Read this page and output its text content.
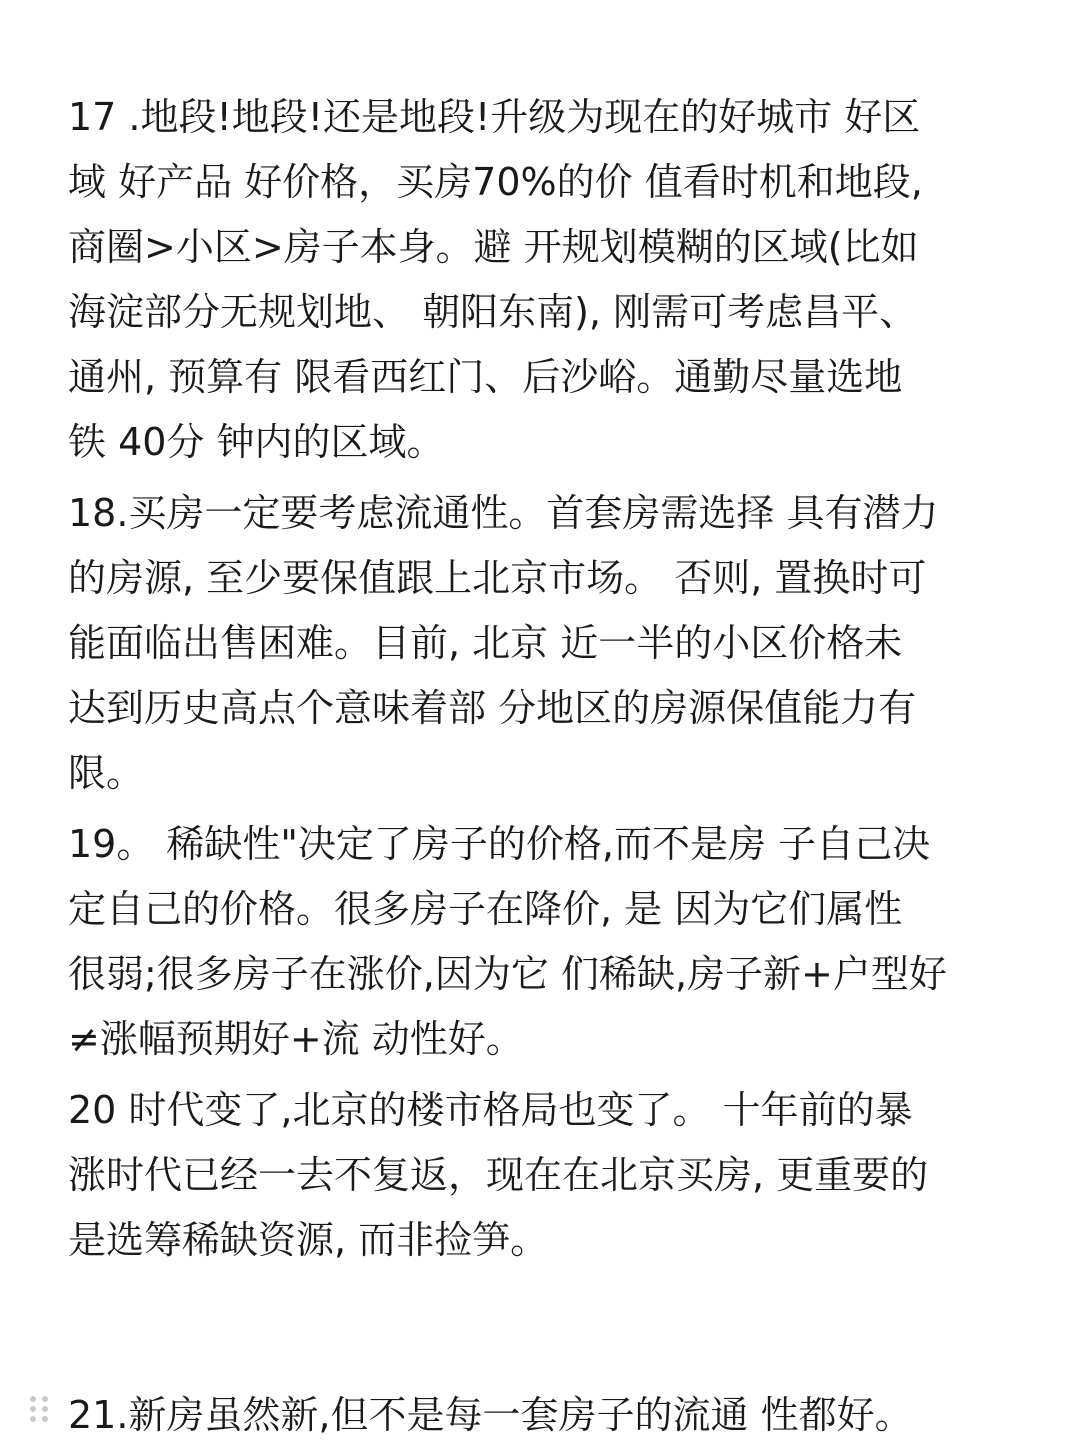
17 .地段!地段!还是地段!升级为现在的好城市 好区
域 好产品 好价格，买房70%的价 值看时机和地段,
商圈>小区>房子本身。避 开规划模糊的区域(比如
海淀部分无规划地、 朝阳东南), 刚需可考虑昌平、
通州, 预算有 限看西红门、后沙峪。通勤尽量选地
铁 40分 钟内的区域。

18.买房一定要考虑流通性。首套房需选择 具有潜力
的房源, 至少要保值跟上北京市场。 否则, 置换时可
能面临出售困难。目前, 北京 近一半的小区价格未
达到历史高点个意味着部 分地区的房源保值能力有
限。

19。 稀缺性"决定了房子的价格,而不是房 子自己决
定自己的价格。很多房子在降价, 是 因为它们属性
很弱;很多房子在涨价,因为它 们稀缺,房子新+户型好
≠涨幅预期好+流 动性好。

20 时代变了,北京的楼市格局也变了。 十年前的暴
涨时代已经一去不复返，现在在北京买房, 更重要的
是选筹稀缺资源, 而非捡笋。

21.新房虽然新,但不是每一套房子的流通 性都好。
